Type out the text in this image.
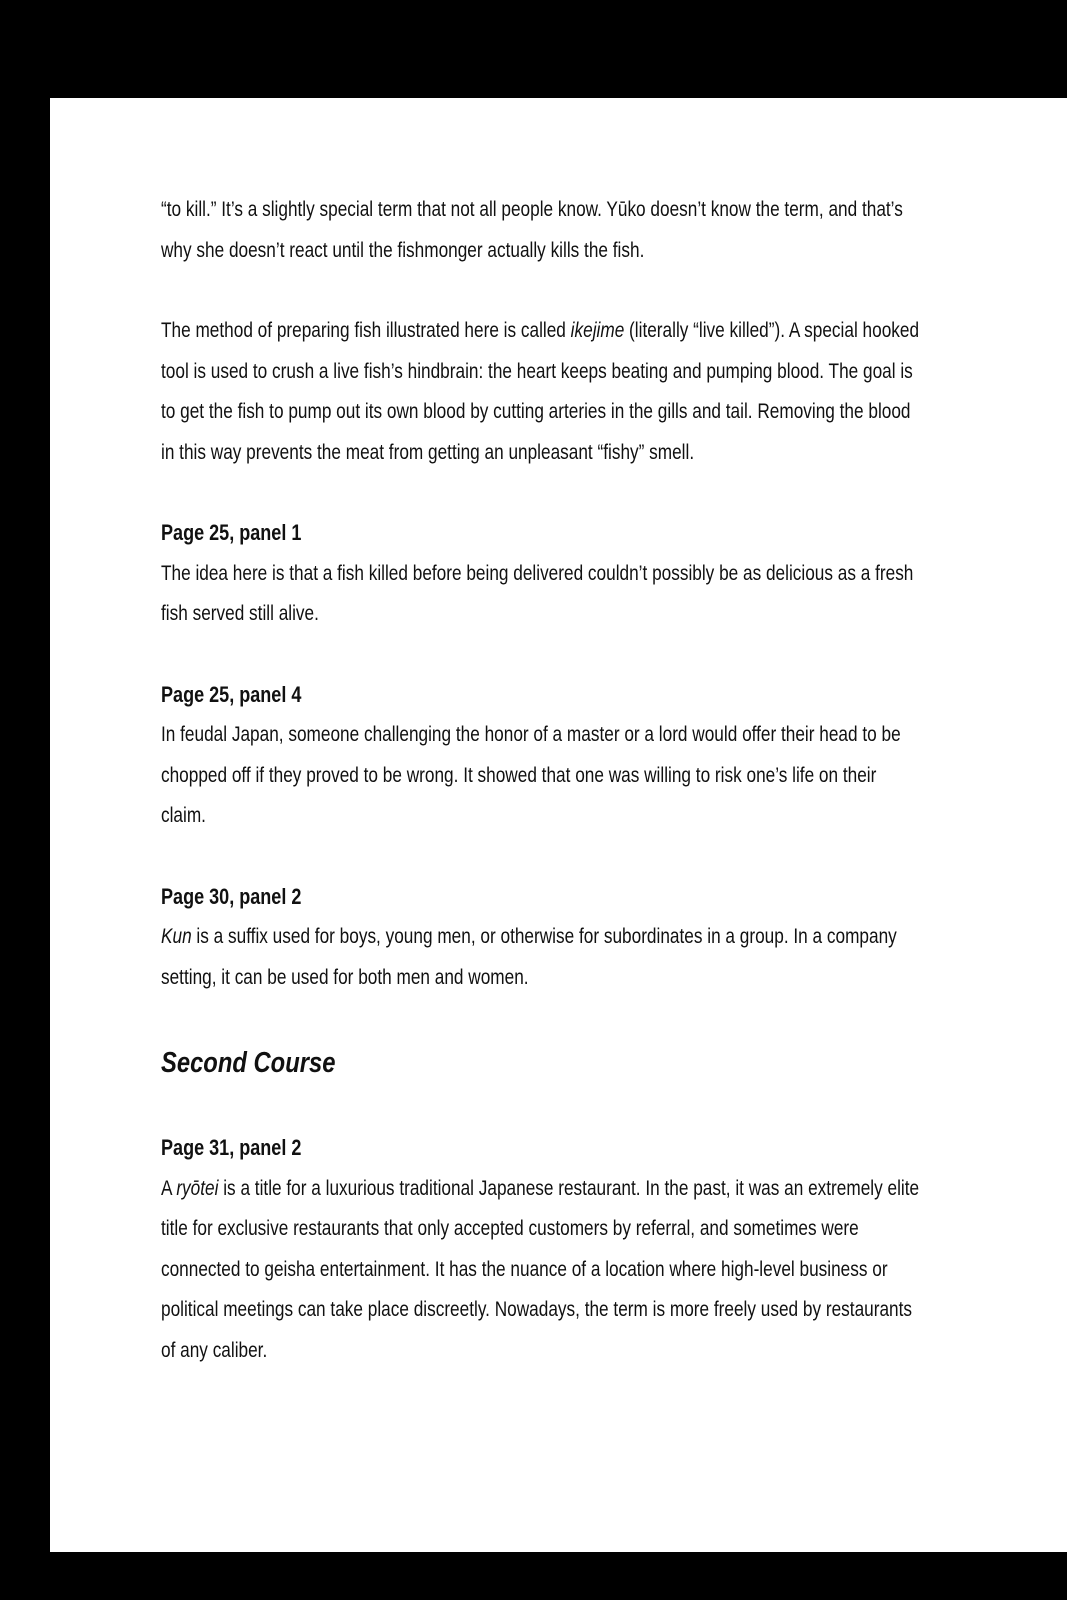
“to kill.” It’s a slightly special term that not all people know. Yūko doesn’t know the term, and that’s why she doesn’t react until the fishmonger actually kills the fish.

The method of preparing fish illustrated here is called ikejime (literally “live killed”). A special hooked tool is used to crush a live fish’s hindbrain: the heart keeps beating and pumping blood. The goal is to get the fish to pump out its own blood by cutting arteries in the gills and tail. Removing the blood in this way prevents the meat from getting an unpleasant “fishy” smell.

Page 25, panel 1

The idea here is that a fish killed before being delivered couldn’t possibly be as delicious as a fresh fish served still alive.

Page 25, panel 4

In feudal Japan, someone challenging the honor of a master or a lord would offer their head to be chopped off if they proved to be wrong. It showed that one was willing to risk one’s life on their claim.

Page 30, panel 2

Kun is a suffix used for boys, young men, or otherwise for subordinates in a group. In a company setting, it can be used for both men and women.

Second Course

Page 31, panel 2

A ryōtei is a title for a luxurious traditional Japanese restaurant. In the past, it was an extremely elite title for exclusive restaurants that only accepted customers by referral, and sometimes were connected to geisha entertainment. It has the nuance of a location where high-level business or political meetings can take place discreetly. Nowadays, the term is more freely used by restaurants of any caliber.
